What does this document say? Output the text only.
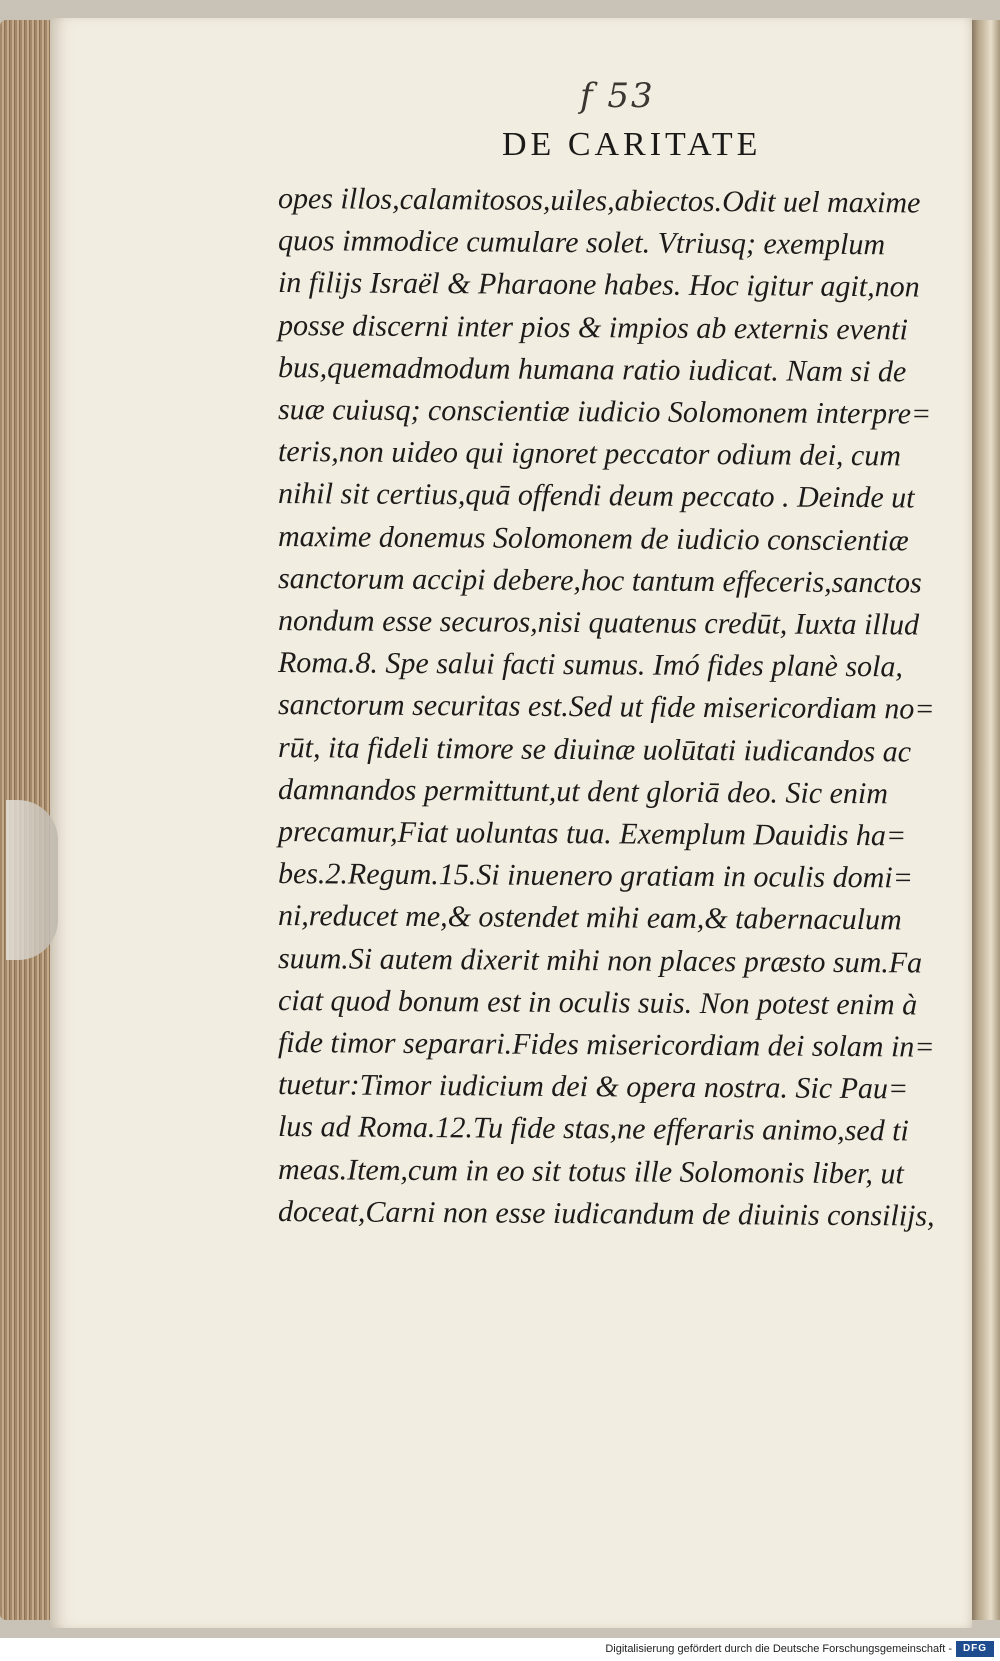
f 53
DE CARITATE
opes illos,calamitosos,uiles,abiectos.Odit uel maxime
quos immodice cumulare solet. Vtriusq; exemplum
in filijs Israël & Pharaone habes. Hoc igitur agit,non
posse discerni inter pios & impios ab externis eventi
bus,quemadmodum humana ratio iudicat. Nam si de
suæ cuiusq; conscientiæ iudicio Solomonem interpre=
teris,non uideo qui ignoret peccator odium dei, cum
nihil sit certius,quā offendi deum peccato . Deinde ut
maxime donemus Solomonem de iudicio conscientiæ
sanctorum accipi debere,hoc tantum effeceris,sanctos
nondum esse securos,nisi quatenus credūt, Iuxta illud
Roma.8. Spe salui facti sumus. Imó fides planè sola,
sanctorum securitas est.Sed ut fide misericordiam no=
rūt, ita fideli timore se diuinæ uolūtati iudicandos ac
damnandos permittunt,ut dent gloriā deo. Sic enim
precamur,Fiat uoluntas tua. Exemplum Dauidis ha=
bes.2.Regum.15.Si inuenero gratiam in oculis domi=
ni,reducet me,& ostendet mihi eam,& tabernaculum
suum.Si autem dixerit mihi non places præsto sum.Fa
ciat quod bonum est in oculis suis. Non potest enim à
fide timor separari.Fides misericordiam dei solam in=
tuetur:Timor iudicium dei & opera nostra. Sic Pau=
lus ad Roma.12.Tu fide stas,ne efferaris animo,sed ti
meas.Item,cum in eo sit totus ille Solomonis liber, ut
doceat,Carni non esse iudicandum de diuinis consilijs,
Digitalisierung gefördert durch die Deutsche Forschungsgemeinschaft -	DFG
